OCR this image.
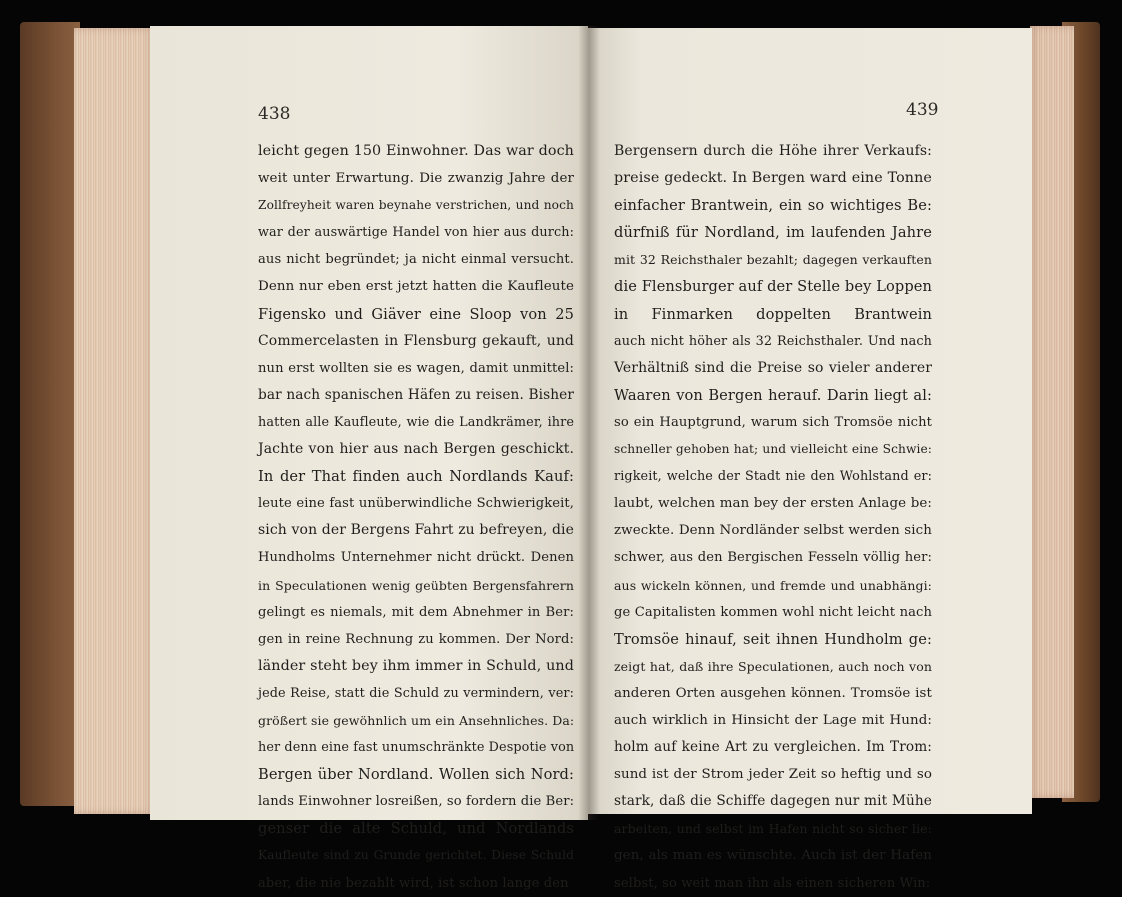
438	439
leicht gegen 150 Einwohner. Das war doch
weit unter Erwartung. Die zwanzig Jahre der
Zollfreyheit waren beynahe verstrichen, und noch
war der auswärtige Handel von hier aus durch:
aus nicht begründet; ja nicht einmal versucht.
Denn nur eben erst jetzt hatten die Kaufleute
Figensko und Giäver eine Sloop von 25
Commercelasten in Flensburg gekauft, und
nun erst wollten sie es wagen, damit unmittel:
bar nach spanischen Häfen zu reisen. Bisher
hatten alle Kaufleute, wie die Landkrämer, ihre
Jachte von hier aus nach Bergen geschickt.
In der That finden auch Nordlands Kauf:
leute eine fast unüberwindliche Schwierigkeit,
sich von der Bergens Fahrt zu befreyen, die
Hundholms Unternehmer nicht drückt. Denen
in Speculationen wenig geübten Bergensfahrern
gelingt es niemals, mit dem Abnehmer in Ber:
gen in reine Rechnung zu kommen. Der Nord:
länder steht bey ihm immer in Schuld, und
jede Reise, statt die Schuld zu vermindern, ver:
größert sie gewöhnlich um ein Ansehnliches. Da:
her denn eine fast unumschränkte Despotie von
Bergen über Nordland. Wollen sich Nord:
lands Einwohner losreißen, so fordern die Ber:
genser die alte Schuld, und Nordlands
Kaufleute sind zu Grunde gerichtet. Diese Schuld
aber, die nie bezahlt wird, ist schon lange den
Bergensern durch die Höhe ihrer Verkaufs:
preise gedeckt. In Bergen ward eine Tonne
einfacher Brantwein, ein so wichtiges Be:
dürfniß für Nordland, im laufenden Jahre
mit 32 Reichsthaler bezahlt; dagegen verkauften
die Flensburger auf der Stelle bey Loppen
in Finmarken doppelten Brantwein
auch nicht höher als 32 Reichsthaler. Und nach
Verhältniß sind die Preise so vieler anderer
Waaren von Bergen herauf. Darin liegt al:
so ein Hauptgrund, warum sich Tromsöe nicht
schneller gehoben hat; und vielleicht eine Schwie:
rigkeit, welche der Stadt nie den Wohlstand er:
laubt, welchen man bey der ersten Anlage be:
zweckte. Denn Nordländer selbst werden sich
schwer, aus den Bergischen Fesseln völlig her:
aus wickeln können, und fremde und unabhängi:
ge Capitalisten kommen wohl nicht leicht nach
Tromsöe hinauf, seit ihnen Hundholm ge:
zeigt hat, daß ihre Speculationen, auch noch von
anderen Orten ausgehen können. Tromsöe ist
auch wirklich in Hinsicht der Lage mit Hund:
holm auf keine Art zu vergleichen. Im Trom:
sund ist der Strom jeder Zeit so heftig und so
stark, daß die Schiffe dagegen nur mit Mühe
arbeiten, und selbst im Hafen nicht so sicher lie:
gen, als man es wünschte. Auch ist der Hafen
selbst, so weit man ihn als einen sicheren Win:
